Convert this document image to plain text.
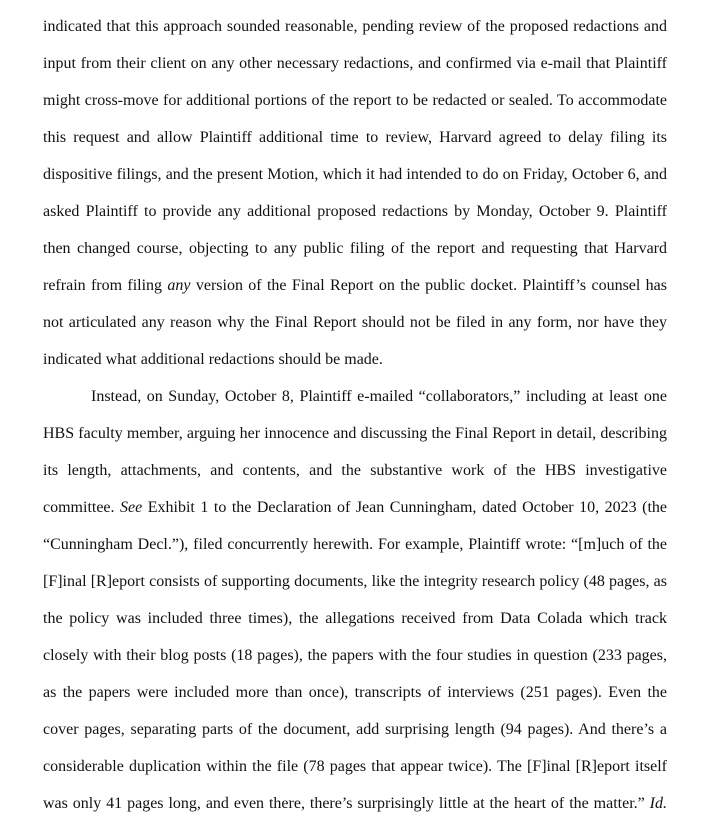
indicated that this approach sounded reasonable, pending review of the proposed redactions and
input from their client on any other necessary redactions, and confirmed via e-mail that Plaintiff
might cross-move for additional portions of the report to be redacted or sealed. To accommodate
this request and allow Plaintiff additional time to review, Harvard agreed to delay filing its
dispositive filings, and the present Motion, which it had intended to do on Friday, October 6, and
asked Plaintiff to provide any additional proposed redactions by Monday, October 9. Plaintiff
then changed course, objecting to any public filing of the report and requesting that Harvard
refrain from filing any version of the Final Report on the public docket. Plaintiff’s counsel has
not articulated any reason why the Final Report should not be filed in any form, nor have they
indicated what additional redactions should be made.
Instead, on Sunday, October 8, Plaintiff e-mailed “collaborators,” including at least one
HBS faculty member, arguing her innocence and discussing the Final Report in detail, describing
its length, attachments, and contents, and the substantive work of the HBS investigative
committee. See Exhibit 1 to the Declaration of Jean Cunningham, dated October 10, 2023 (the
“Cunningham Decl.”), filed concurrently herewith. For example, Plaintiff wrote: “[m]uch of the
[F]inal [R]eport consists of supporting documents, like the integrity research policy (48 pages, as
the policy was included three times), the allegations received from Data Colada which track
closely with their blog posts (18 pages), the papers with the four studies in question (233 pages,
as the papers were included more than once), transcripts of interviews (251 pages). Even the
cover pages, separating parts of the document, add surprising length (94 pages). And there’s a
considerable duplication within the file (78 pages that appear twice). The [F]inal [R]eport itself
was only 41 pages long, and even there, there’s surprisingly little at the heart of the matter.” Id.
